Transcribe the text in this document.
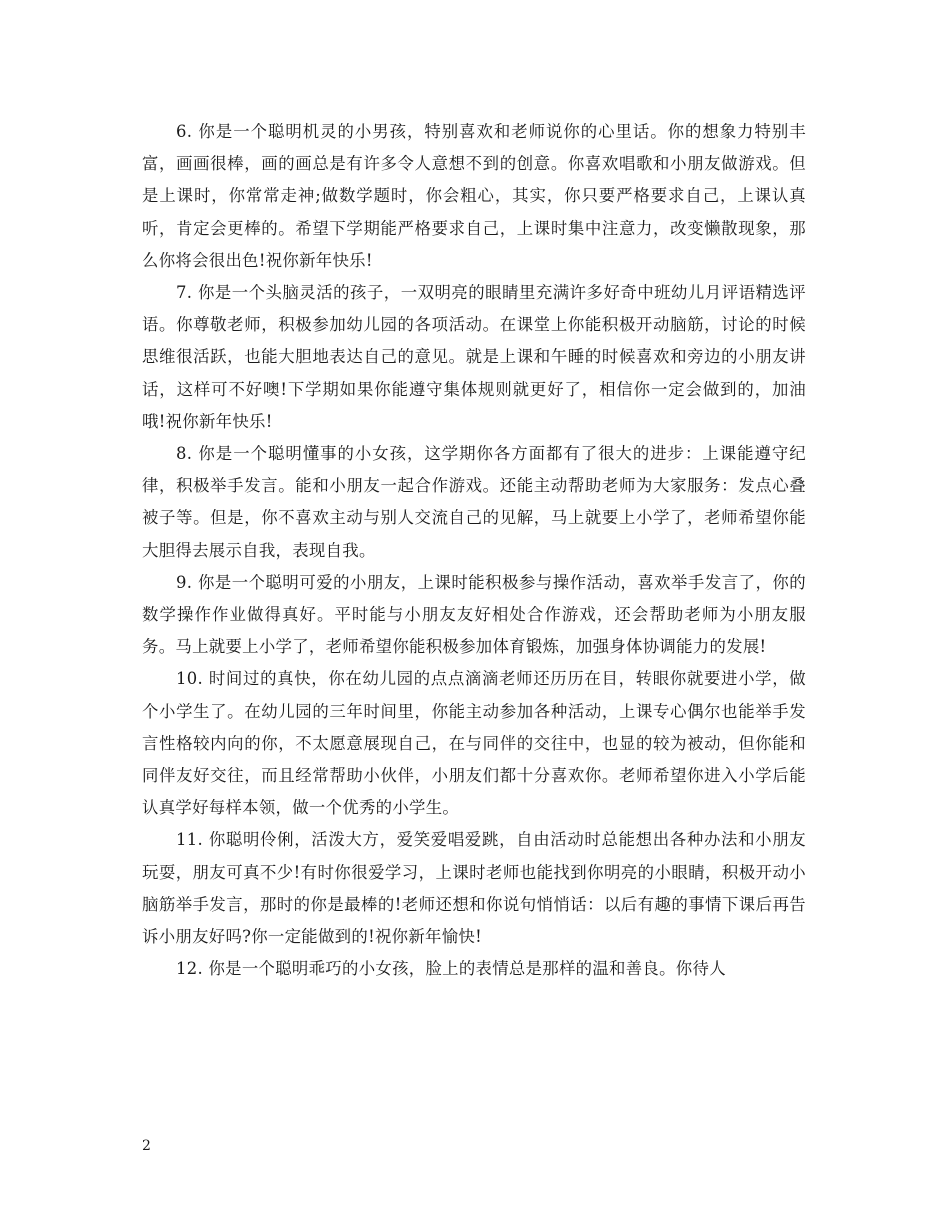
6. 你是一个聪明机灵的小男孩，特别喜欢和老师说你的心里话。你的想象力特别丰富，画画很棒，画的画总是有许多令人意想不到的创意。你喜欢唱歌和小朋友做游戏。但是上课时，你常常走神;做数学题时，你会粗心，其实，你只要严格要求自己，上课认真听，肯定会更棒的。希望下学期能严格要求自己，上课时集中注意力，改变懒散现象，那么你将会很出色!祝你新年快乐!

7. 你是一个头脑灵活的孩子，一双明亮的眼睛里充满许多好奇中班幼儿月评语精选评语。你尊敬老师，积极参加幼儿园的各项活动。在课堂上你能积极开动脑筋，讨论的时候思维很活跃，也能大胆地表达自己的意见。就是上课和午睡的时候喜欢和旁边的小朋友讲话，这样可不好噢!下学期如果你能遵守集体规则就更好了，相信你一定会做到的，加油哦!祝你新年快乐!

8. 你是一个聪明懂事的小女孩，这学期你各方面都有了很大的进步：上课能遵守纪律，积极举手发言。能和小朋友一起合作游戏。还能主动帮助老师为大家服务：发点心叠被子等。但是，你不喜欢主动与别人交流自己的见解，马上就要上小学了，老师希望你能大胆得去展示自我，表现自我。

9. 你是一个聪明可爱的小朋友，上课时能积极参与操作活动，喜欢举手发言了，你的数学操作作业做得真好。平时能与小朋友友好相处合作游戏，还会帮助老师为小朋友服务。马上就要上小学了，老师希望你能积极参加体育锻炼，加强身体协调能力的发展!

10. 时间过的真快，你在幼儿园的点点滴滴老师还历历在目，转眼你就要进小学，做个小学生了。在幼儿园的三年时间里，你能主动参加各种活动，上课专心偶尔也能举手发言性格较内向的你，不太愿意展现自己，在与同伴的交往中，也显的较为被动，但你能和同伴友好交往，而且经常帮助小伙伴，小朋友们都十分喜欢你。老师希望你进入小学后能认真学好每样本领，做一个优秀的小学生。

11. 你聪明伶俐，活泼大方，爱笑爱唱爱跳，自由活动时总能想出各种办法和小朋友玩耍，朋友可真不少!有时你很爱学习，上课时老师也能找到你明亮的小眼睛，积极开动小脑筋举手发言，那时的你是最棒的!老师还想和你说句悄悄话：以后有趣的事情下课后再告诉小朋友好吗?你一定能做到的!祝你新年愉快!

12. 你是一个聪明乖巧的小女孩，脸上的表情总是那样的温和善良。你待人

2
